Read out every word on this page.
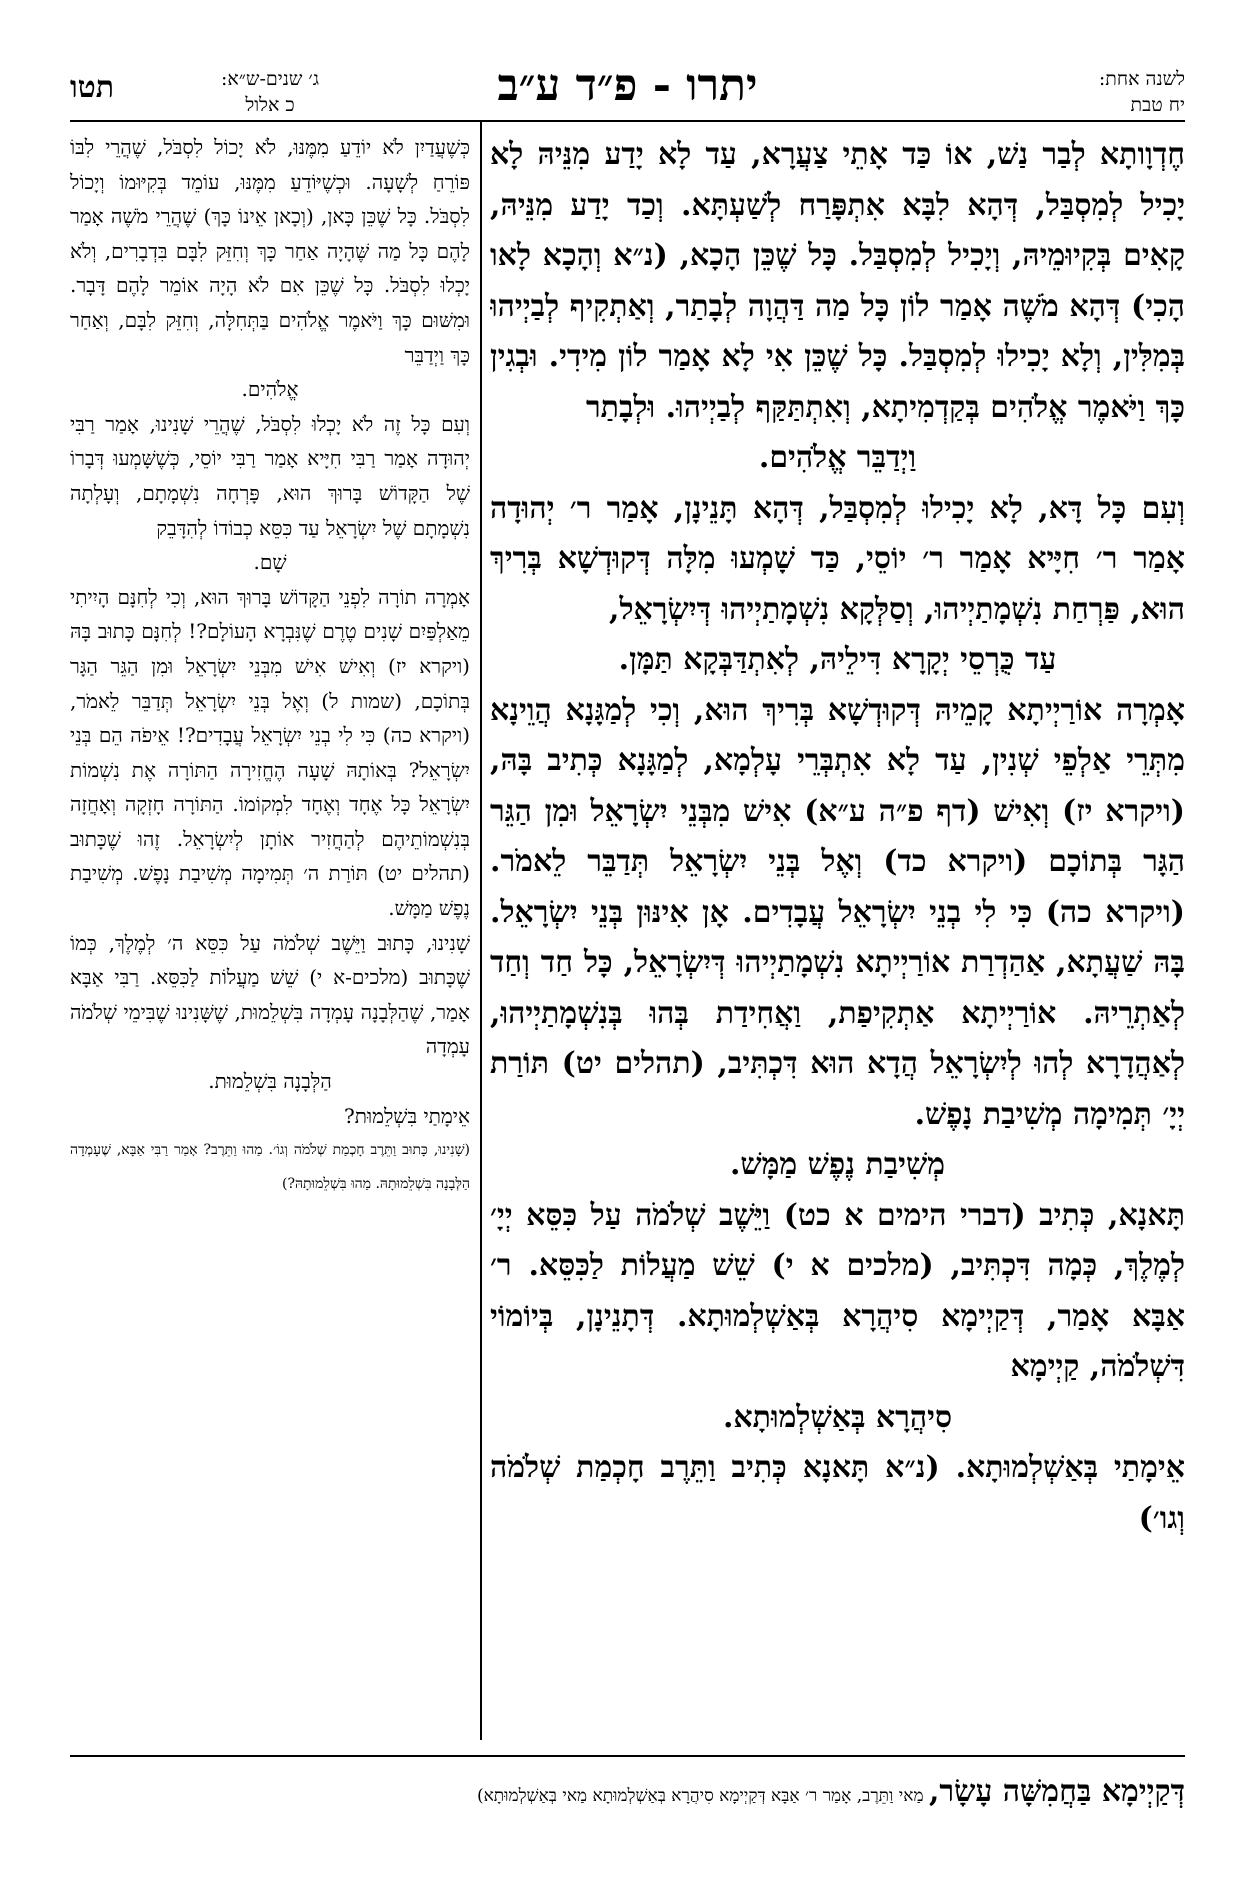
לשנה אחת:
יח טבת
יתרו - פ״ד ע״ב
ג׳ שנים-ש״א:
כ אלול
תטו

חֶדְוָותָא לְבַר נַשׁ, אוֹ כַּד אָתֵי צַעֲרָא, עַד לָא יָדַע מִנֵּיהּ לָא יָכִיל לְמִסְבַּל, דְּהָא לִבָּא אִתְפָּרַח לְשַׁעְתָּא. וְכַד יָדַע מִנֵּיהּ, קָאִים בְּקִיוּמֵיהּ, וְיָכִיל לְמִסְבַּל. כָּל שֶׁכֵּן הָכָא, (נ״א וְהָכָא לָאו הָכִי) דְּהָא מֹשֶׁה אָמַר לוֹן כָּל מַה דַּהֲוָה לְבָתַר, וְאַתְקִיף לְבַיְיהוּ בְּמִלִּין, וְלָא יָכִילוּ לְמִסְבַּל. כָּל שֶׁכֵּן אִי לָא אָמַר לוֹן מִידִי. וּבְגִין כָּךְ וַיֹּאמֶר אֱלֹהִים בְּקַדְמִיתָא, וְאִתְתַּקַּף לְבַיְיהוּ. וּלְבָתַר

וַיְדַבֵּר אֱלֹהִים.

וְעִם כָּל דָּא, לָא יָכִילוּ לְמִסְבַּל, דְּהָא תָּנֵינָן, אָמַר ר׳ יְהוּדָה אָמַר ר׳ חִיָּיא אָמַר ר׳ יוֹסֵי, כַּד שָׁמְעוּ מִלָּה דְּקוּדְשָׁא בְּרִיךְ הוּא, פַּרְחַת נִשְׁמָתַיְיהוּ, וְסַלְּקָא נִשְׁמָתַיְיהוּ דְּיִשְׂרָאֵל,

עַד כֻּרְסֵי יְקָרָא דִּילֵיהּ, לְאִתְדַּבְּקָא תַּמָּן.

אָמְרָה אוֹרַיְיתָא קָמֵיהּ דְּקוּדְשָׁא בְּרִיךְ הוּא, וְכִי לְמַגָּנָא הֲוֵינָא מִתְּרֵי אַלְפֵי שְׁנִין, עַד לָא אִתְבְּרֵי עָלְמָא, לְמַגָּנָא כְּתִיב בָּהּ, (ויקרא יז) וְאִישׁ (דף פ״ה ע״א) אִישׁ מִבְּנֵי יִשְׂרָאֵל וּמִן הַגֵּר הַגָּר בְּתוֹכָם (ויקרא כד) וְאֶל בְּנֵי יִשְׂרָאֵל תְּדַבֵּר לֵאמֹר. (ויקרא כה) כִּי לִי בְנֵי יִשְׂרָאֵל עֲבָדִים. אָן אִינּוּן בְּנֵי יִשְׂרָאֵל. בָּהּ שַׁעֲתָא, אַהַדְרַת אוֹרַיְיתָא נִשְׁמָתַיְיהוּ דְּיִשְׂרָאֵל, כָּל חַד וְחַד לְאַתְרֵיהּ. אוֹרַיְיתָא אַתְקִיפַת, וַאֲחִידַת בְּהוּ בְּנִשְׁמָתַיְיהוּ, לְאַהֲדָרָא לְהוּ לְיִשְׂרָאֵל הֲדָא הוּא דִּכְתִּיב, (תהלים יט) תּוֹרַת יְיָ׳ תְּמִימָה מְשִׁיבַת נָפֶשׁ.

מְשִׁיבַת נֶפֶשׁ מַמָּשׁ.

תָּאנָא, כְּתִיב (דברי הימים א כט) וַיֵּשֶׁב שְׁלֹמֹה עַל כִּסֵּא יְיָ׳ לְמֶלֶךְ, כְּמָה דִּכְתִּיב, (מלכים א י) שֵׁשׁ מַעֲלוֹת לַכִּסֵּא. ר׳ אַבָּא אָמַר, דְּקַיְימָא סִיהֲרָא בְּאַשְׁלְמוּתָא. דְּתָנֵינָן, בְּיוֹמוֹי דִּשְׁלֹמֹה, קַיְימָא

סִיהֲרָא בְּאַשְׁלְמוּתָא.

אֵימָתַי בְּאַשְׁלְמוּתָא. (נ״א תָּאנָא כְּתִיב וַתֵּרֶב חָכְמַת שְׁלֹמֹה וְגו׳)

כְּשֶׁעֲדַיִן לֹא יוֹדֵעַ מִמֶּנּוּ, לֹא יָכוֹל לִסְבֹּל, שֶׁהֲרֵי לִבּוֹ פּוֹרֵחַ לְשָׁעָה. וּכְשֶׁיּוֹדֵעַ מִמֶּנּוּ, עוֹמֵד בְּקִיּוּמוֹ וְיָכוֹל לִסְבֹּל. כָּל שֶׁכֵּן כָּאן, (וְכָאן אֵינוֹ כָּךְ) שֶׁהֲרֵי מֹשֶׁה אָמַר לָהֶם כָּל מַה שֶּׁהָיָה אַחַר כָּךְ וְחִזֵּק לִבָּם בִּדְבָרִים, וְלֹא יָכְלוּ לִסְבֹּל. כָּל שֶׁכֵּן אִם לֹא הָיָה אוֹמֵר לָהֶם דָּבָר. וּמִשּׁוּם כָּךְ וַיֹּאמֶר אֱלֹהִים בַּתְּחִלָּה, וְחִזֵּק לִבָּם, וְאַחַר כָּךְ וַיְדַבֵּר

אֱלֹהִים.

וְעִם כָּל זֶה לֹא יָכְלוּ לִסְבֹּל, שֶׁהֲרֵי שָׁנִינוּ, אָמַר רַבִּי יְהוּדָה אָמַר רַבִּי חִיָּיא אָמַר רַבִּי יוֹסֵי, כְּשֶׁשָּׁמְעוּ דְּבָרוֹ שֶׁל הַקָּדוֹשׁ בָּרוּךְ הוּא, פָּרְחָה נִשְׁמָתָם, וְעָלְתָה נִשְׁמָתָם שֶׁל יִשְׂרָאֵל עַד כִּסֵּא כְבוֹדוֹ לְהִדָּבֵק

שָׁם.

אָמְרָה תוֹרָה לִפְנֵי הַקָּדוֹשׁ בָּרוּךְ הוּא, וְכִי לְחִנָּם הָיִיתִי מֵאַלְפַּיִם שָׁנִים טֶרֶם שֶׁנִּבְרָא הָעוֹלָם?! לְחִנָּם כָּתוּב בָּהּ (ויקרא יז) וְאִישׁ אִישׁ מִבְּנֵי יִשְׂרָאֵל וּמִן הַגֵּר הַגָּר בְּתוֹכָם, (שמות ל) וְאֶל בְּנֵי יִשְׂרָאֵל תְּדַבֵּר לֵאמֹר, (ויקרא כה) כִּי לִי בְנֵי יִשְׂרָאֵל עֲבָדִים?! אֵיפֹה הֵם בְּנֵי יִשְׂרָאֵל? בְּאוֹתָהּ שָׁעָה הֶחֱזִירָה הַתּוֹרָה אֶת נִשְׁמוֹת יִשְׂרָאֵל כָּל אֶחָד וְאֶחָד לִמְקוֹמוֹ. הַתּוֹרָה חָזְקָה וְאָחֲזָה בְּנִשְׁמוֹתֵיהֶם לְהַחֲזִיר אוֹתָן לְיִשְׂרָאֵל. זֶהוּ שֶׁכָּתוּב (תהלים יט) תּוֹרַת ה׳ תְּמִימָה מְשִׁיבַת נָפֶשׁ. מְשִׁיבַת נֶפֶשׁ מַמָּשׁ.

שָׁנִינוּ, כָּתוּב וַיֵּשֶׁב שְׁלֹמֹה עַל כִּסֵּא ה׳ לְמֶלֶךְ, כְּמוֹ שֶׁכָּתוּב (מלכים-א י) שֵׁשׁ מַעֲלוֹת לַכִּסֵּא. רַבִּי אַבָּא אָמַר, שֶׁהַלְּבָנָה עָמְדָה בִּשְׁלֵמוּת, שֶׁשָּׁנִינוּ שֶׁבִּימֵי שְׁלֹמֹה עָמְדָה

הַלְּבָנָה בִּשְׁלֵמוּת.

אֵימָתַי בִּשְׁלֵמוּת?

(שָׁנִינוּ, כָּתוּב וַתֵּרֶב חָכְמַת שְׁלֹמֹה וְגוֹ׳. מַהוּ וַתֵּרֶב? אָמַר רַבִּי אַבָּא, שֶׁעָמְדָה הַלְּבָנָה בִּשְׁלֵמוּתָהּ. מַהוּ בִּשְׁלֵמוּתָהּ?)

דְּקַיְימָא בַּחֲמִשָּׁה עָשָׂר, מַאי וַתֵּרֶב, אָמַר ר׳ אַבָּא דְּקַיְימָא סִיהֲרָא בְּאַשְׁלְמוּתָא מַאי בְּאַשְׁלְמוּתָא)
